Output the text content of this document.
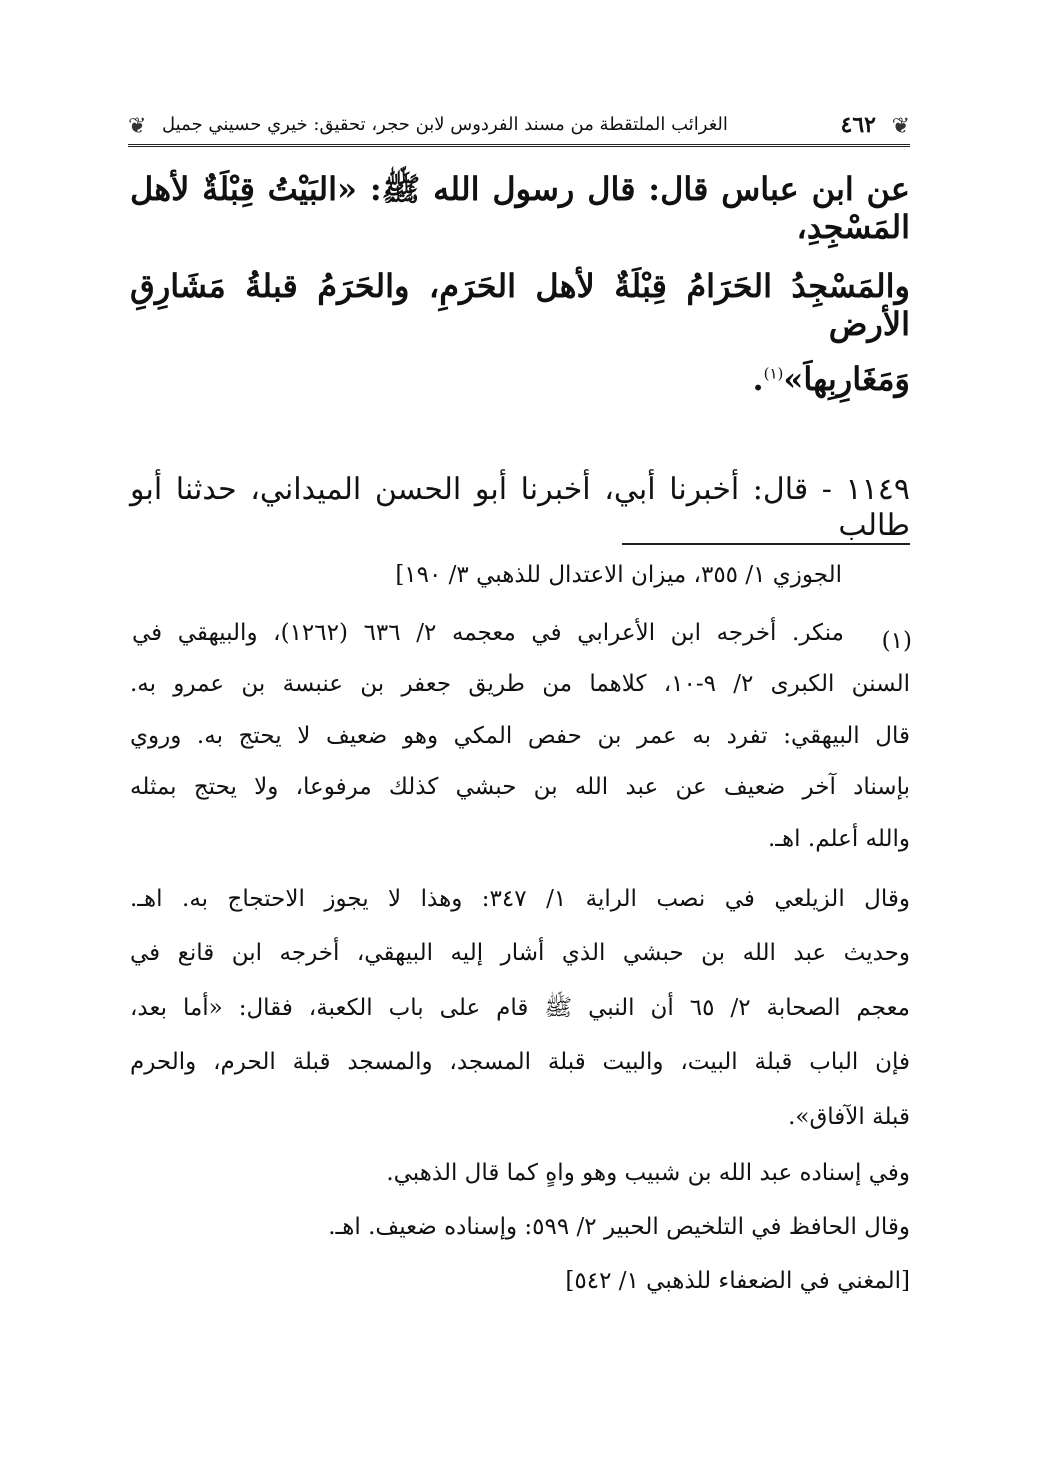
❦
٤٦٢
الغرائب الملتقطة من مسند الفردوس لابن حجر، تحقيق: خيري حسيني جميل
❦
عن ابن عباس قال: قال رسول الله ﷺ: «البَيْتُ قِبْلَةٌ لأهل المَسْجِدِ،
والمَسْجِدُ الحَرَامُ قِبْلَةٌ لأهل الحَرَمِ، والحَرَمُ قبلةُ مَشَارِقِ الأرض
وَمَغَارِبِهاَ»$^{(١)}$.
١١٤٩ - قال: أخبرنا أبي، أخبرنا أبو الحسن الميداني، حدثنا أبو طالب
الجوزي ١/ ٣٥٥، ميزان الاعتدال للذهبي ٣/ ١٩٠]
(١)
منكر. أخرجه ابن الأعرابي في معجمه ٢/ ٦٣٦ (١٢٦٢)، والبيهقي في
السنن الكبرى ٢/ ٩-١٠، كلاهما من طريق جعفر بن عنبسة بن عمرو به.
قال البيهقي: تفرد به عمر بن حفص المكي وهو ضعيف لا يحتج به. وروي
بإسناد آخر ضعيف عن عبد الله بن حبشي كذلك مرفوعا، ولا يحتج بمثله
والله أعلم. اهـ.
وقال الزيلعي في نصب الراية ١/ ٣٤٧: وهذا لا يجوز الاحتجاج به. اهـ.
وحديث عبد الله بن حبشي الذي أشار إليه البيهقي، أخرجه ابن قانع في
معجم الصحابة ٢/ ٦٥ أن النبي ﷺ قام على باب الكعبة، فقال: «أما بعد،
فإن الباب قبلة البيت، والبيت قبلة المسجد، والمسجد قبلة الحرم، والحرم
قبلة الآفاق».
وفي إسناده عبد الله بن شبيب وهو واهٍ كما قال الذهبي.
وقال الحافظ في التلخيص الحبير ٢/ ٥٩٩: وإسناده ضعيف. اهـ.
[المغني في الضعفاء للذهبي ١/ ٥٤٢]
